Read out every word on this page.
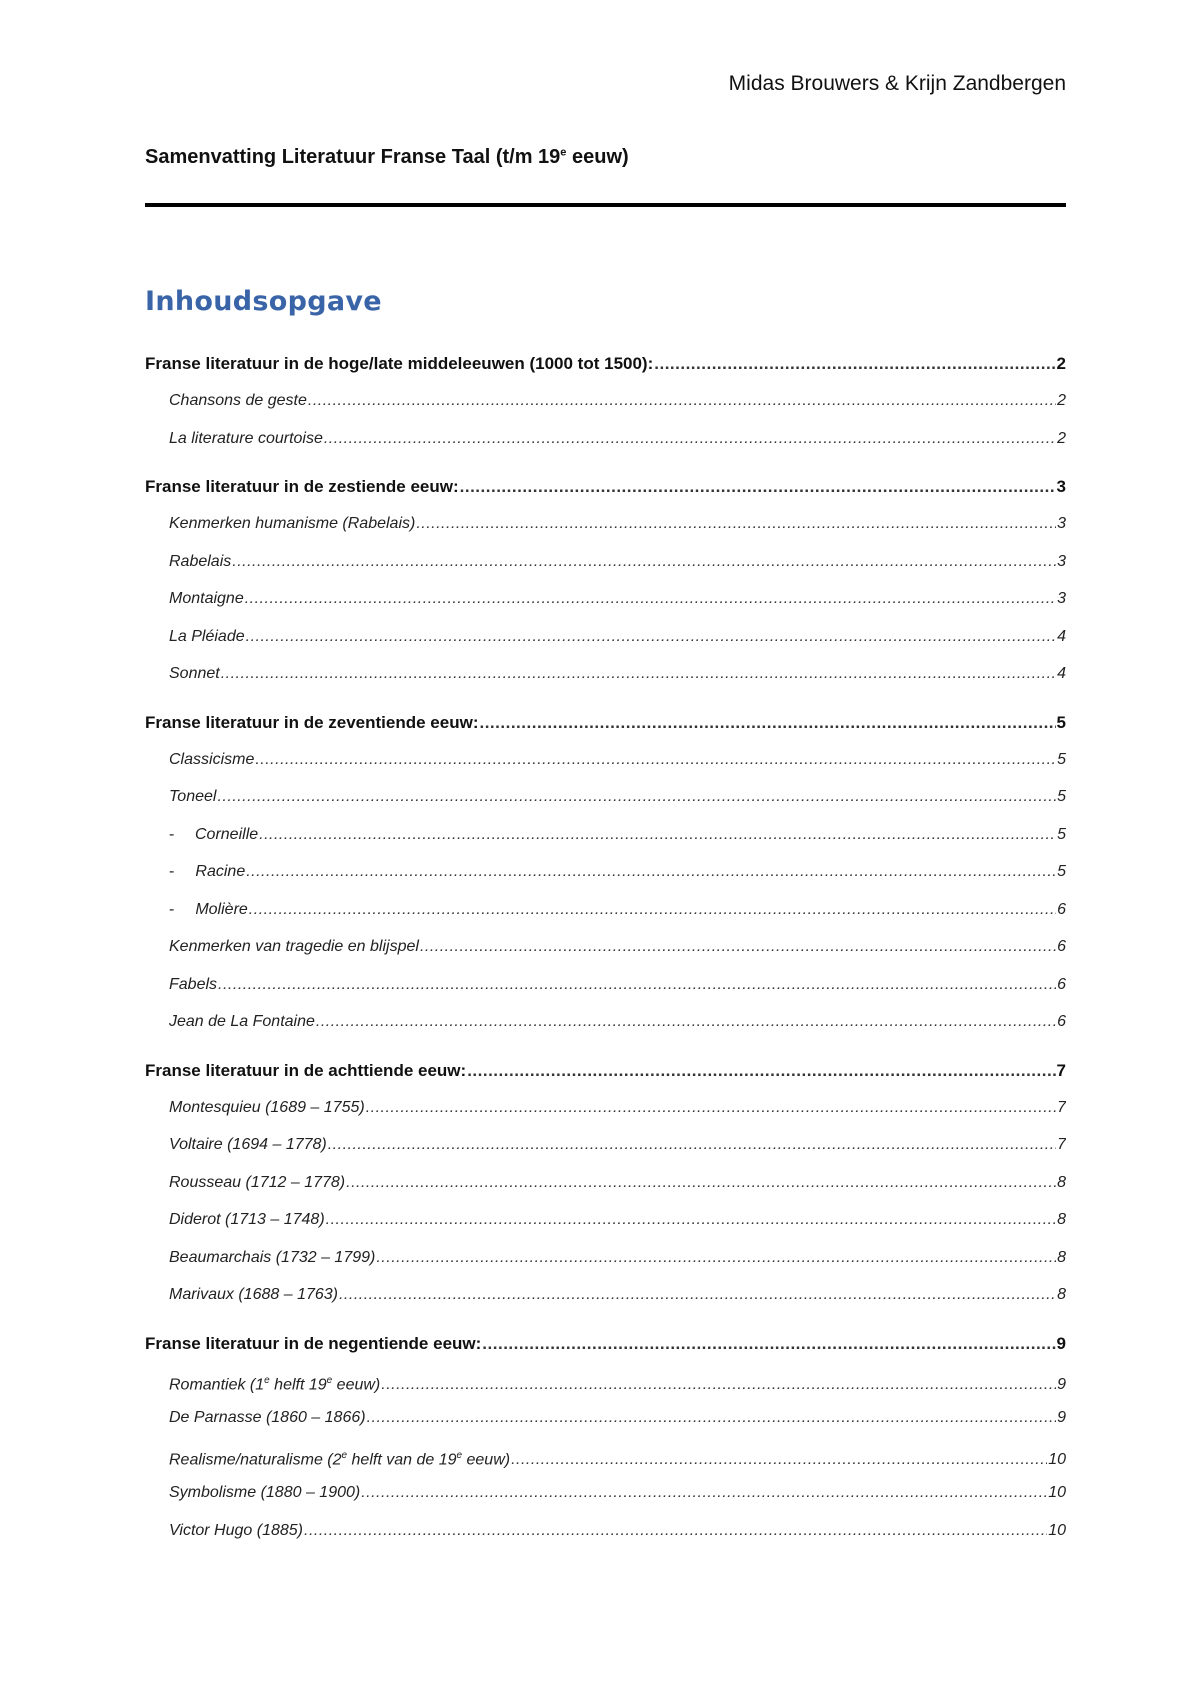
Midas Brouwers & Krijn Zandbergen
Samenvatting Literatuur Franse Taal (t/m 19e eeuw)
Inhoudsopgave
Franse literatuur in de hoge/late middeleeuwen (1000 tot 1500): .....	2
Chansons de geste .....	2
La literature courtoise .....	2
Franse literatuur in de zestiende eeuw: .....	3
Kenmerken humanisme (Rabelais) .....	3
Rabelais .....	3
Montaigne .....	3
La Pléiade .....	4
Sonnet .....	4
Franse literatuur in de zeventiende eeuw: .....	5
Classicisme .....	5
Toneel .....	5
-	Corneille .....	5
-	Racine .....	5
-	Molière .....	6
Kenmerken van tragedie en blijspel .....	6
Fabels .....	6
Jean de La Fontaine .....	6
Franse literatuur in de achttiende eeuw: .....	7
Montesquieu (1689 – 1755) .....	7
Voltaire (1694 – 1778) .....	7
Rousseau (1712 – 1778) .....	8
Diderot (1713 – 1748) .....	8
Beaumarchais (1732 – 1799) .....	8
Marivaux (1688 – 1763) .....	8
Franse literatuur in de negentiende eeuw: .....	9
Romantiek (1e helft 19e eeuw) .....	9
De Parnasse (1860 – 1866) .....	9
Realisme/naturalisme (2e helft van de 19e eeuw) .....	10
Symbolisme (1880 – 1900) .....	10
Victor Hugo (1885) .....	10
